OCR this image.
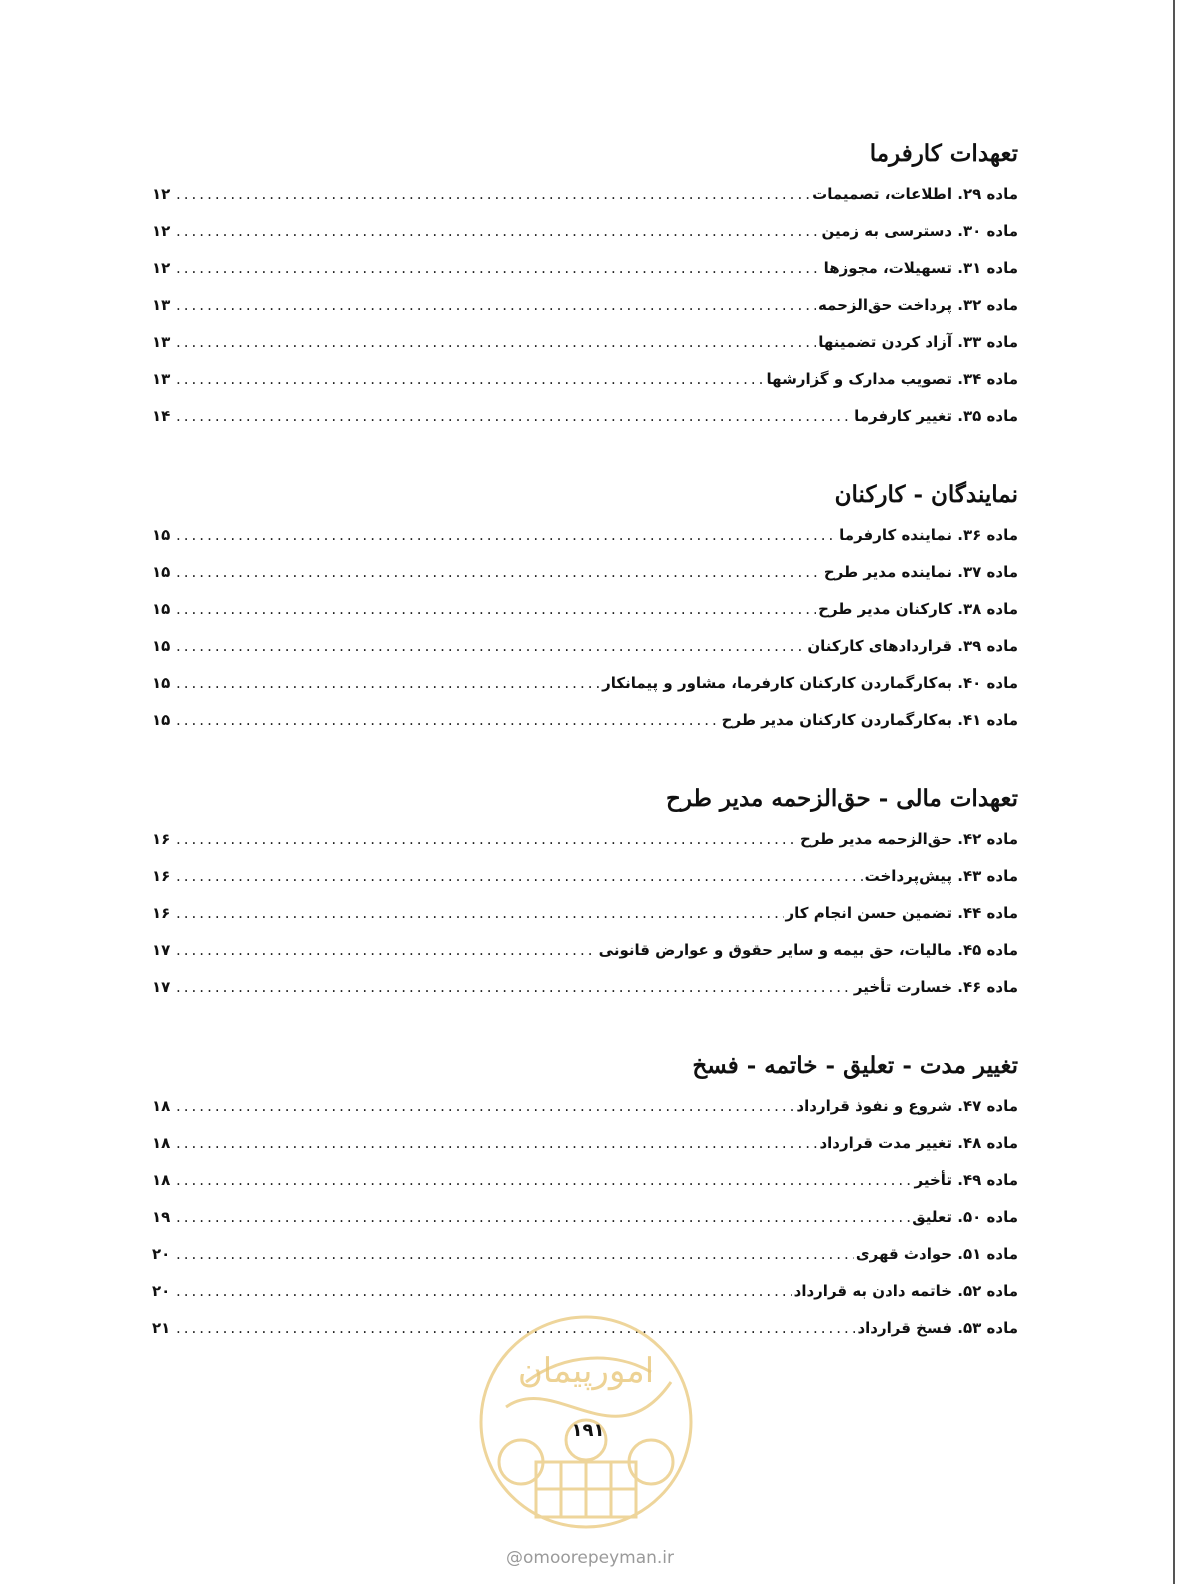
تعهدات کارفرما
ماده ۲۹. اطلاعات، تصمیمات
.....
۱۲
ماده ۳۰. دسترسی به زمین
.....
۱۲
ماده ۳۱. تسهیلات، مجوزها
.....
۱۲
ماده ۳۲. پرداخت حق‌الزحمه
.....
۱۳
ماده ۳۳. آزاد کردن تضمینها
.....
۱۳
ماده ۳۴. تصویب مدارک و گزارشها
.....
۱۳
ماده ۳۵. تغییر کارفرما
.....
۱۴
نمایندگان - کارکنان
ماده ۳۶. نماینده کارفرما
.....
۱۵
ماده ۳۷. نماینده مدیر طرح
.....
۱۵
ماده ۳۸. کارکنان مدیر طرح
.....
۱۵
ماده ۳۹. قراردادهای کارکنان
.....
۱۵
ماده ۴۰. به‌کارگماردن کارکنان کارفرما، مشاور و پیمانکار
.....
۱۵
ماده ۴۱. به‌کارگماردن کارکنان مدیر طرح
.....
۱۵
تعهدات مالی - حق‌الزحمه مدیر طرح
ماده ۴۲. حق‌الزحمه مدیر طرح
.....
۱۶
ماده ۴۳. پیش‌پرداخت
.....
۱۶
ماده ۴۴. تضمین حسن انجام کار
.....
۱۶
ماده ۴۵. مالیات، حق بیمه و سایر حقوق و عوارض قانونی
.....
۱۷
ماده ۴۶. خسارت تأخیر
.....
۱۷
تغییر مدت - تعلیق - خاتمه - فسخ
ماده ۴۷. شروع و نفوذ قرارداد
.....
۱۸
ماده ۴۸. تغییر مدت قرارداد
.....
۱۸
ماده ۴۹. تأخیر
.....
۱۸
ماده ۵۰. تعلیق
.....
۱۹
ماده ۵۱. حوادث قهری
.....
۲۰
ماده ۵۲. خاتمه دادن به قرارداد
.....
۲۰
ماده ۵۳. فسخ قرارداد
.....
۲۱
امورپیمان
۱۹۱
@omoorepeyman.ir
